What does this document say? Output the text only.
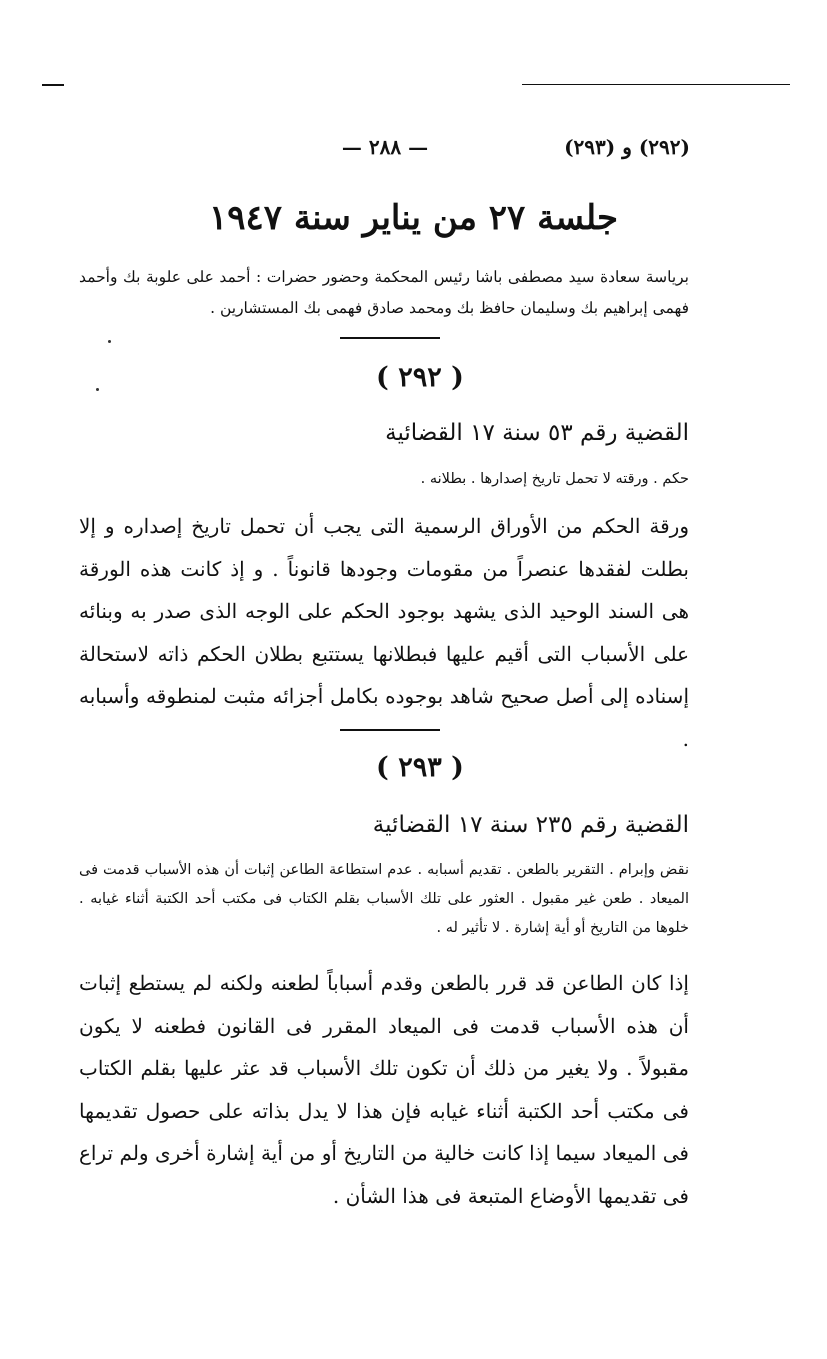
(٢٩٢) و (٢٩٣)
— ٢٨٨ —
جلسة ٢٧ من يناير سنة ١٩٤٧
برياسة سعادة سيد مصطفى باشا رئيس المحكمة وحضور حضرات : أحمد على علوبة بك وأحمد فهمى إبراهيم بك وسليمان حافظ بك ومحمد صادق فهمى بك المستشارين .
( ٢٩٢ )
القضية رقم ٥٣ سنة ١٧ القضائية
حكم . ورقته لا تحمل تاريخ إصدارها . بطلانه .
ورقة الحكم من الأوراق الرسمية التى يجب أن تحمل تاريخ إصداره و إلا بطلت لفقدها عنصراً من مقومات وجودها قانوناً . و إذ كانت هذه الورقة هى السند الوحيد الذى يشهد بوجود الحكم على الوجه الذى صدر به وبنائه على الأسباب التى أقيم عليها فبطلانها يستتبع بطلان الحكم ذاته لاستحالة إسناده إلى أصل صحيح شاهد بوجوده بكامل أجزائه مثبت لمنطوقه وأسبابه .
( ٢٩٣ )
القضية رقم ٢٣٥ سنة ١٧ القضائية
نقض وإبرام . التقرير بالطعن . تقديم أسبابه . عدم استطاعة الطاعن إثبات أن هذه الأسباب قدمت فى الميعاد . طعن غير مقبول . العثور على تلك الأسباب بقلم الكتاب فى مكتب أحد الكتبة أثناء غيابه . خلوها من التاريخ أو أية إشارة . لا تأثير له .
إذا كان الطاعن قد قرر بالطعن وقدم أسباباً لطعنه ولكنه لم يستطع إثبات أن هذه الأسباب قدمت فى الميعاد المقرر فى القانون فطعنه لا يكون مقبولاً . ولا يغير من ذلك أن تكون تلك الأسباب قد عثر عليها بقلم الكتاب فى مكتب أحد الكتبة أثناء غيابه فإن هذا لا يدل بذاته على حصول تقديمها فى الميعاد سيما إذا كانت خالية من التاريخ أو من أية إشارة أخرى ولم تراع فى تقديمها الأوضاع المتبعة فى هذا الشأن .
